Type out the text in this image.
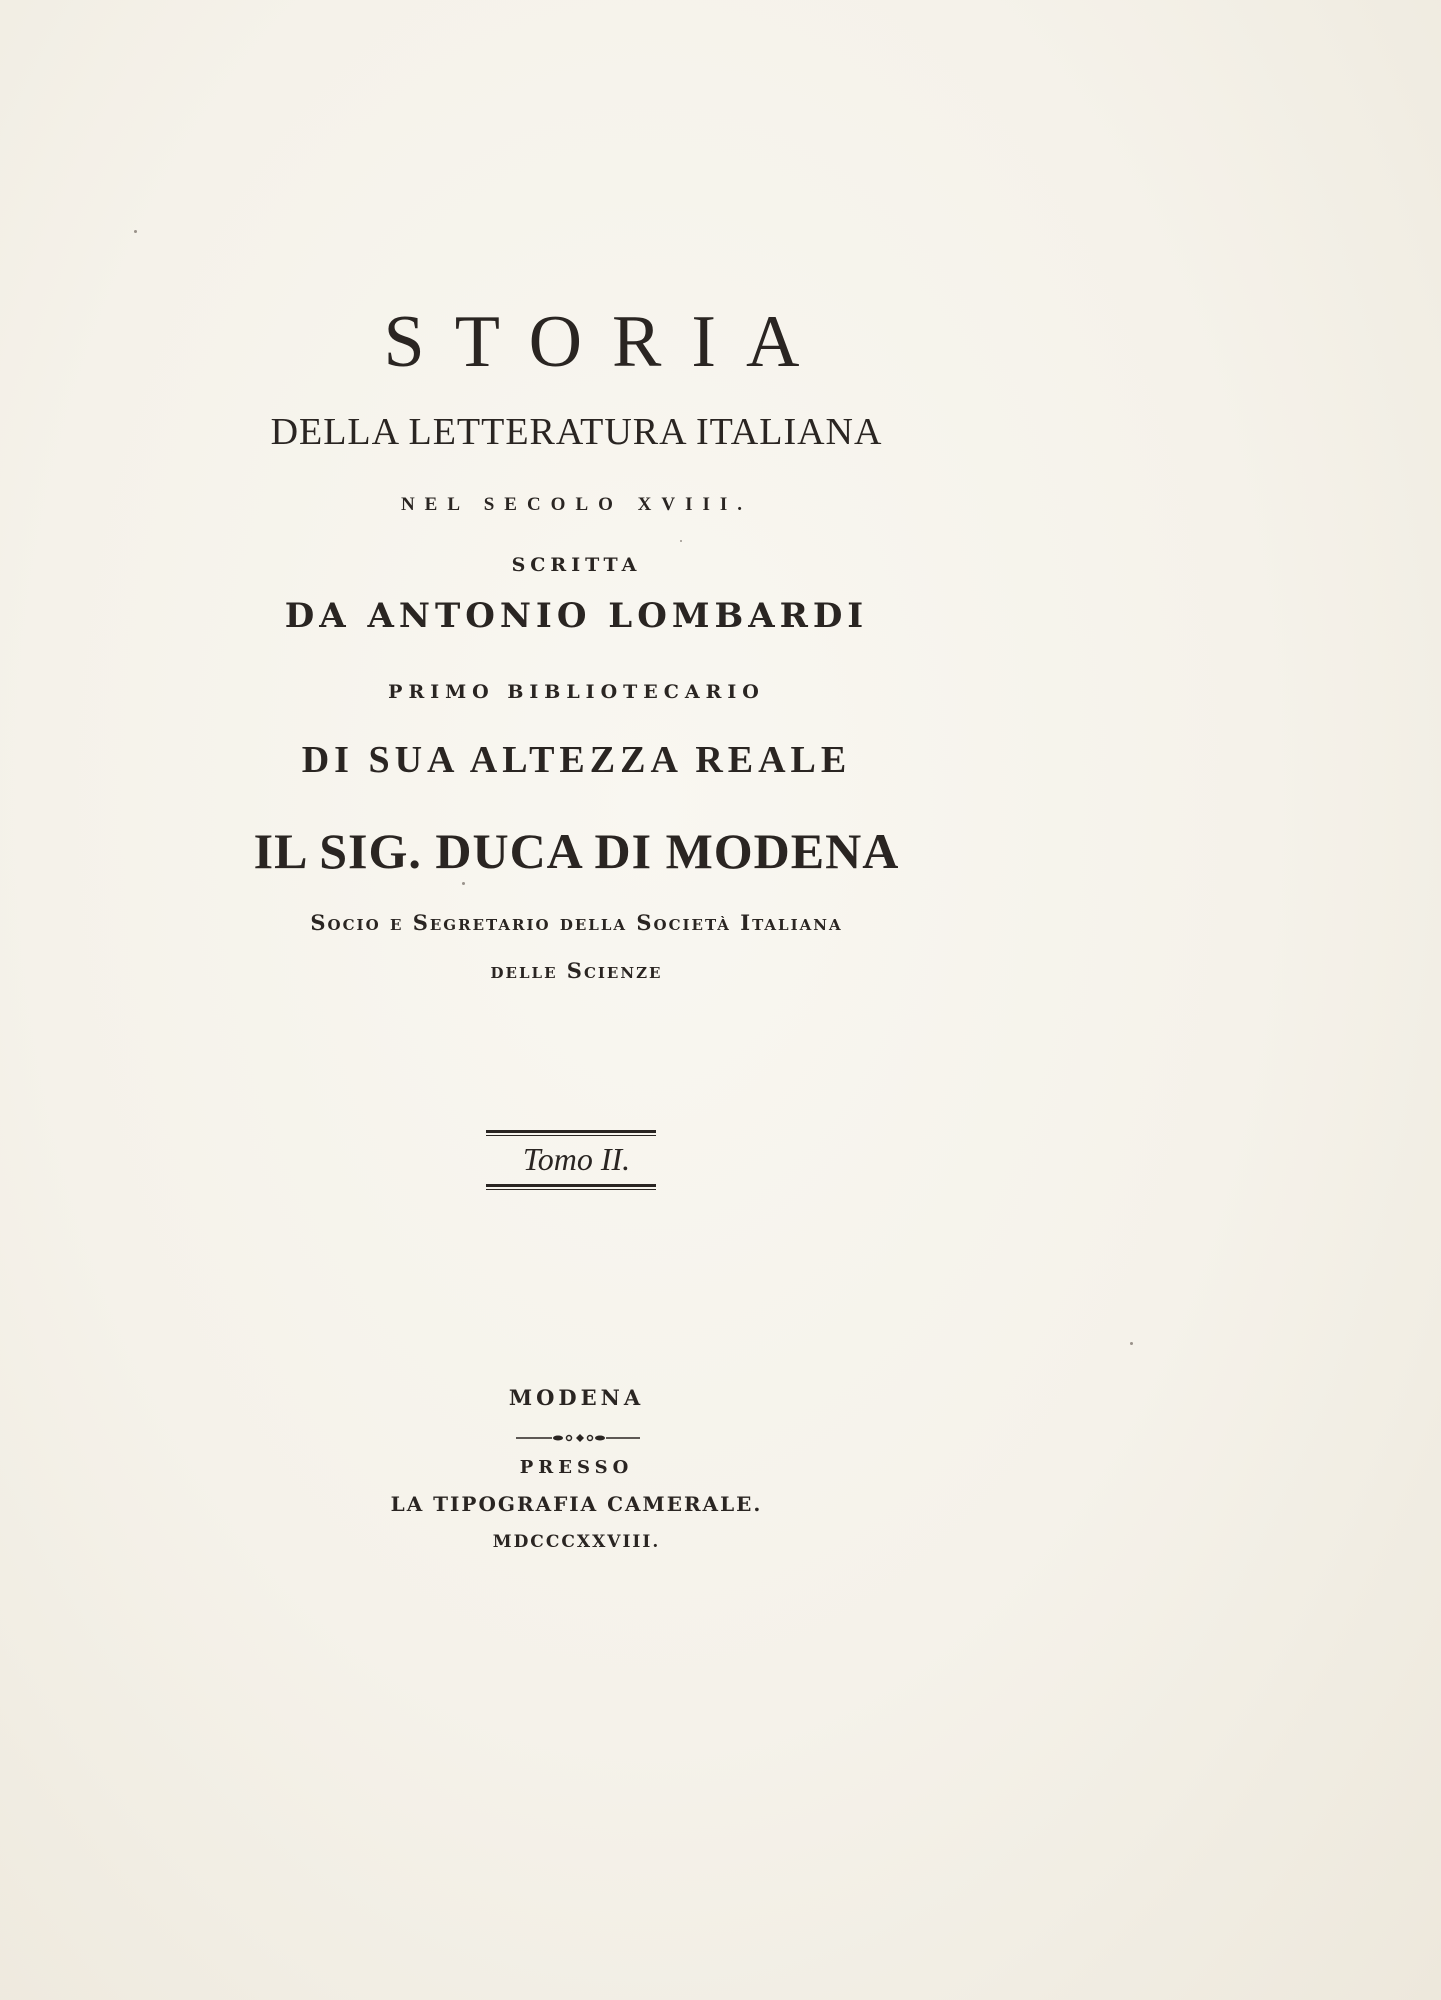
STORIA
DELLA LETTERATURA ITALIANA
NEL SECOLO XVIII.
SCRITTA
DA ANTONIO LOMBARDI
PRIMO BIBLIOTECARIO
DI SUA ALTEZZA REALE
IL SIG. DUCA DI MODENA
Socio e Segretario della Società Italiana
delle Scienze
Tomo II.
MODENA
PRESSO
LA TIPOGRAFIA CAMERALE.
MDCCCXXVIII.
